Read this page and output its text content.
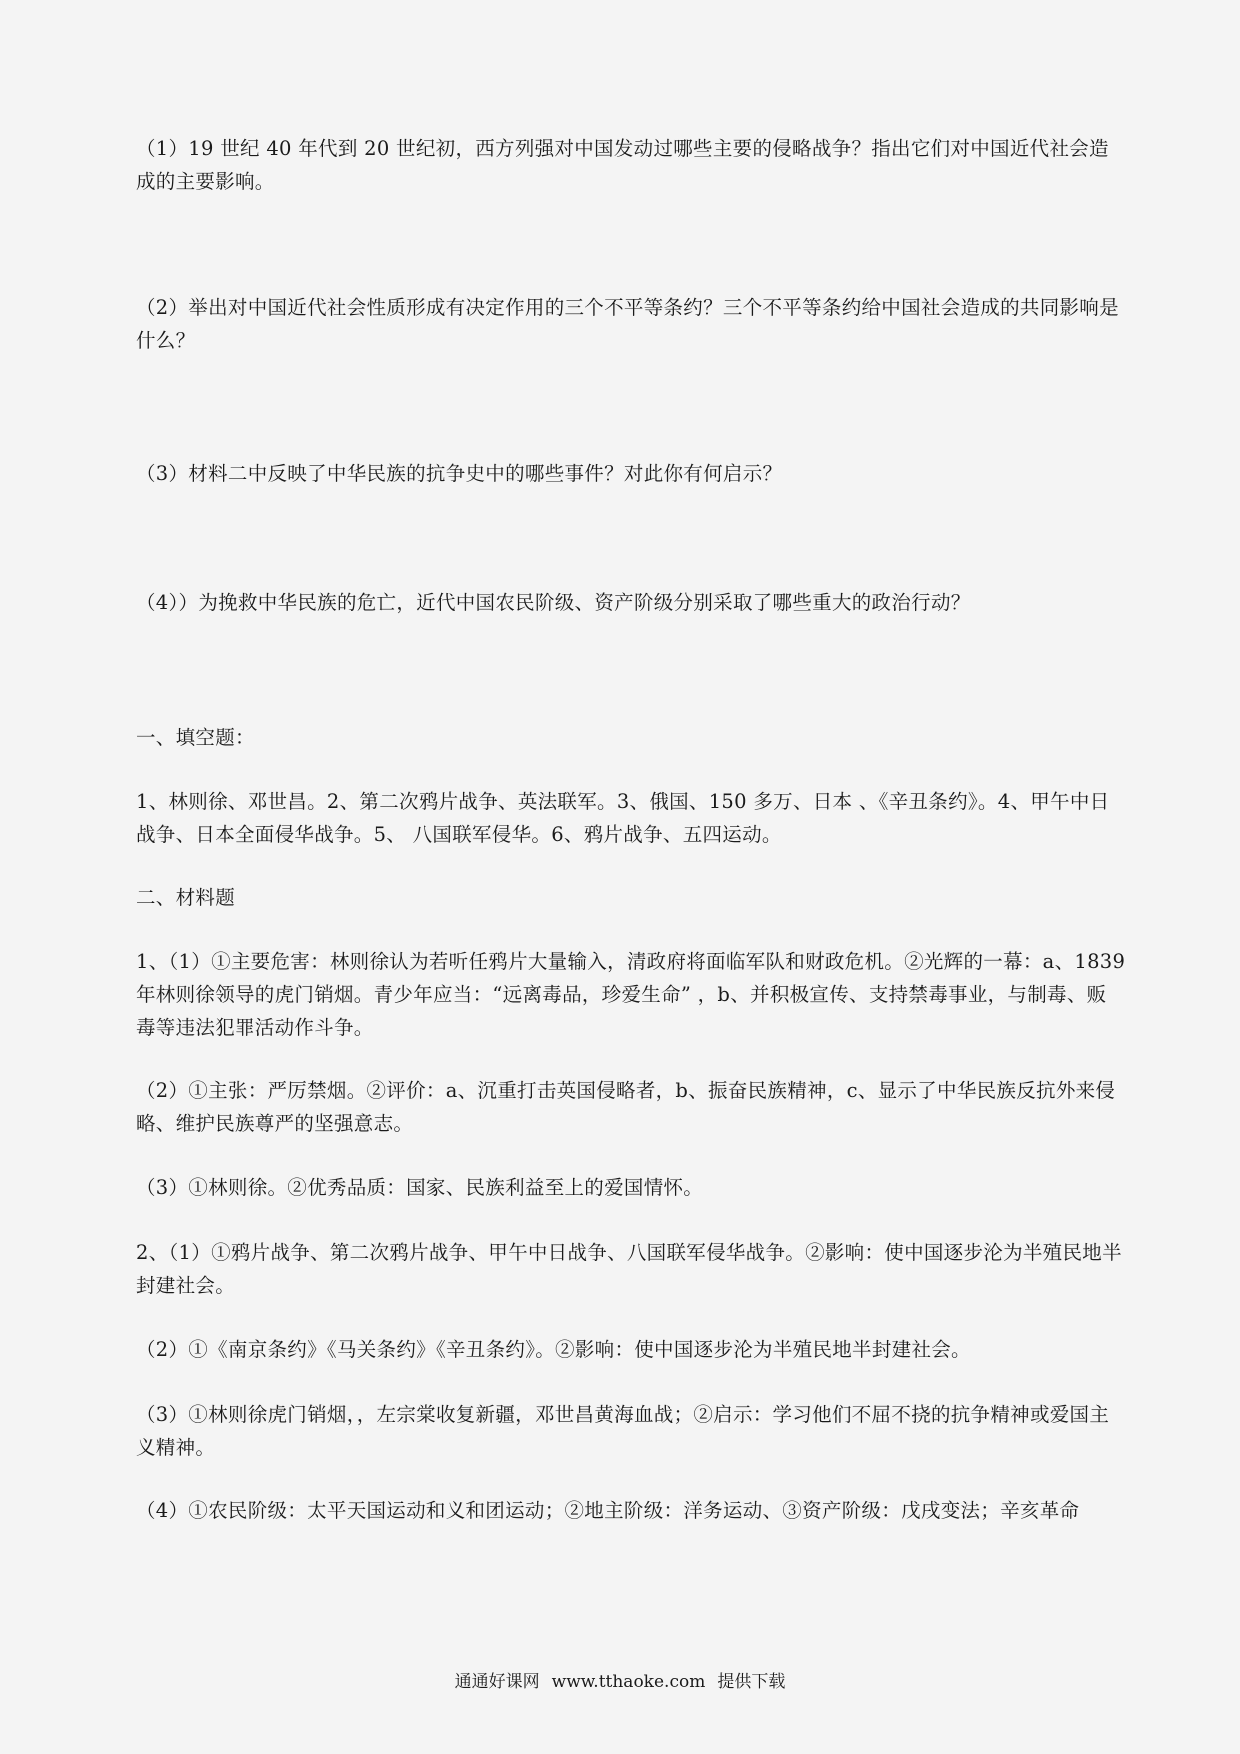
（1）19 世纪 40 年代到 20 世纪初，西方列强对中国发动过哪些主要的侵略战争？指出它们对中国近代社会造成的主要影响。

（2）举出对中国近代社会性质形成有决定作用的三个不平等条约？三个不平等条约给中国社会造成的共同影响是什么？

（3）材料二中反映了中华民族的抗争史中的哪些事件？对此你有何启示？

（4））为挽救中华民族的危亡，近代中国农民阶级、资产阶级分别采取了哪些重大的政治行动？

一、填空题：

1、林则徐、邓世昌。2、第二次鸦片战争、英法联军。3、俄国、150 多万、日本 、《辛丑条约》。4、甲午中日战争、日本全面侵华战争。5、 八国联军侵华。6、鸦片战争、五四运动。

二、材料题

1、（1）①主要危害：林则徐认为若听任鸦片大量输入，清政府将面临军队和财政危机。②光辉的一幕：a、1839 年林则徐领导的虎门销烟。青少年应当：“远离毒品，珍爱生命” ，b、并积极宣传、支持禁毒事业，与制毒、贩毒等违法犯罪活动作斗争。

（2）①主张：严厉禁烟。②评价：a、沉重打击英国侵略者，b、振奋民族精神，c、显示了中华民族反抗外来侵略、维护民族尊严的坚强意志。

（3）①林则徐。②优秀品质：国家、民族利益至上的爱国情怀。

2、（1）①鸦片战争、第二次鸦片战争、甲午中日战争、八国联军侵华战争。②影响：使中国逐步沦为半殖民地半封建社会。

（2）①《南京条约》《马关条约》《辛丑条约》。②影响：使中国逐步沦为半殖民地半封建社会。

（3）①林则徐虎门销烟，，左宗棠收复新疆，邓世昌黄海血战；②启示：学习他们不屈不挠的抗争精神或爱国主义精神。

（4）①农民阶级：太平天国运动和义和团运动；②地主阶级：洋务运动、③资产阶级：戊戌变法；辛亥革命

通通好课网 www.tthaoke.com 提供下载
